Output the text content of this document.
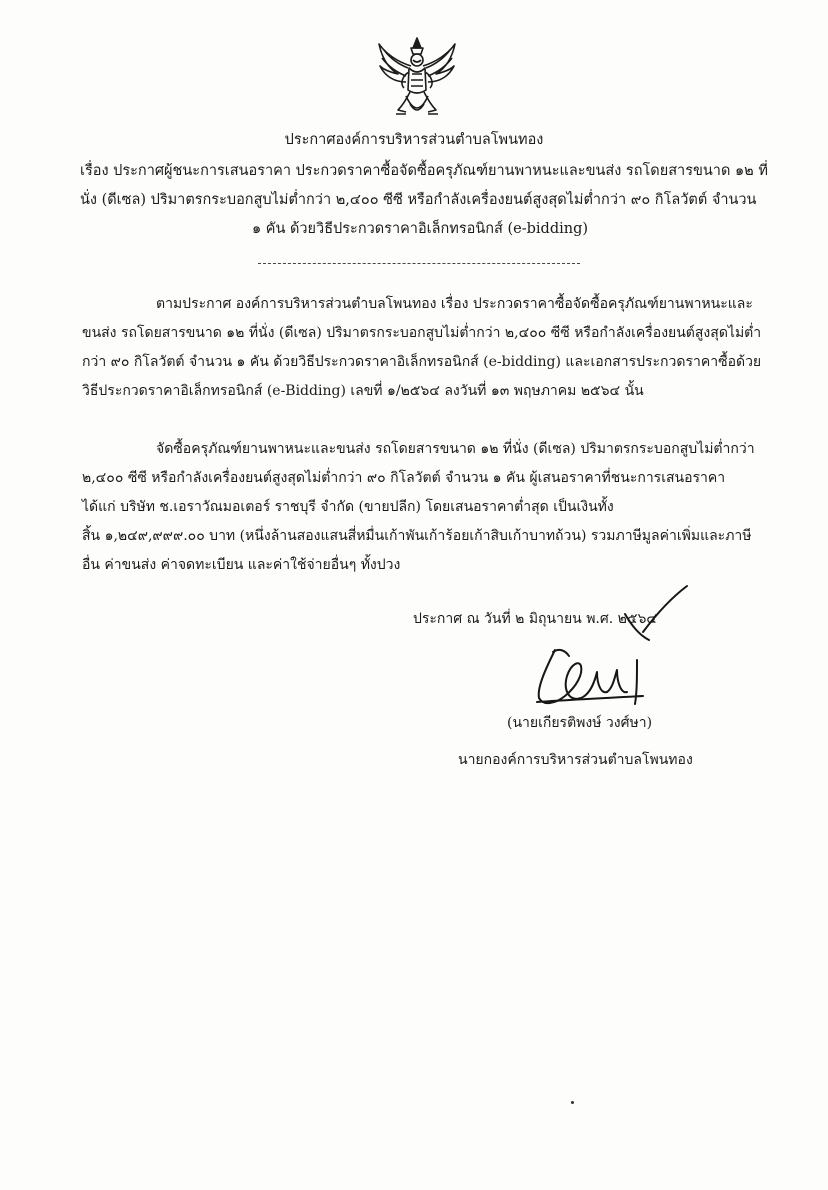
ประกาศองค์การบริหารส่วนตำบลโพนทอง
เรื่อง ประกาศผู้ชนะการเสนอราคา ประกวดราคาซื้อจัดซื้อครุภัณฑ์ยานพาหนะและขนส่ง รถโดยสารขนาด ๑๒ ที่
นั่ง (ดีเซล) ปริมาตรกระบอกสูบไม่ต่ำกว่า ๒,๔๐๐ ซีซี หรือกำลังเครื่องยนต์สูงสุดไม่ต่ำกว่า ๙๐ กิโลวัตต์ จำนวน
๑ คัน ด้วยวิธีประกวดราคาอิเล็กทรอนิกส์ (e-bidding)
ตามประกาศ องค์การบริหารส่วนตำบลโพนทอง เรื่อง ประกวดราคาซื้อจัดซื้อครุภัณฑ์ยานพาหนะและ
ขนส่ง รถโดยสารขนาด ๑๒ ที่นั่ง (ดีเซล) ปริมาตรกระบอกสูบไม่ต่ำกว่า ๒,๔๐๐ ซีซี หรือกำลังเครื่องยนต์สูงสุดไม่ต่ำ
กว่า ๙๐ กิโลวัตต์ จำนวน ๑ คัน ด้วยวิธีประกวดราคาอิเล็กทรอนิกส์ (e-bidding) และเอกสารประกวดราคาซื้อด้วย
วิธีประกวดราคาอิเล็กทรอนิกส์ (e-Bidding) เลขที่ ๑/๒๕๖๔ ลงวันที่ ๑๓ พฤษภาคม ๒๕๖๔ นั้น
จัดซื้อครุภัณฑ์ยานพาหนะและขนส่ง รถโดยสารขนาด ๑๒ ที่นั่ง (ดีเซล) ปริมาตรกระบอกสูบไม่ต่ำกว่า
๒,๔๐๐ ซีซี หรือกำลังเครื่องยนต์สูงสุดไม่ต่ำกว่า ๙๐ กิโลวัตต์ จำนวน ๑ คัน ผู้เสนอราคาที่ชนะการเสนอราคา
ได้แก่ บริษัท ช.เอราวัณมอเตอร์ ราชบุรี จำกัด (ขายปลีก) โดยเสนอราคาต่ำสุด เป็นเงินทั้ง
สิ้น ๑,๒๔๙,๙๙๙.๐๐ บาท (หนึ่งล้านสองแสนสี่หมื่นเก้าพันเก้าร้อยเก้าสิบเก้าบาทถ้วน) รวมภาษีมูลค่าเพิ่มและภาษี
อื่น ค่าขนส่ง ค่าจดทะเบียน และค่าใช้จ่ายอื่นๆ ทั้งปวง
ประกาศ ณ วันที่ ๒ มิถุนายน พ.ศ. ๒๕๖๔
(นายเกียรติพงษ์ วงศ์ษา)
นายกองค์การบริหารส่วนตำบลโพนทอง
